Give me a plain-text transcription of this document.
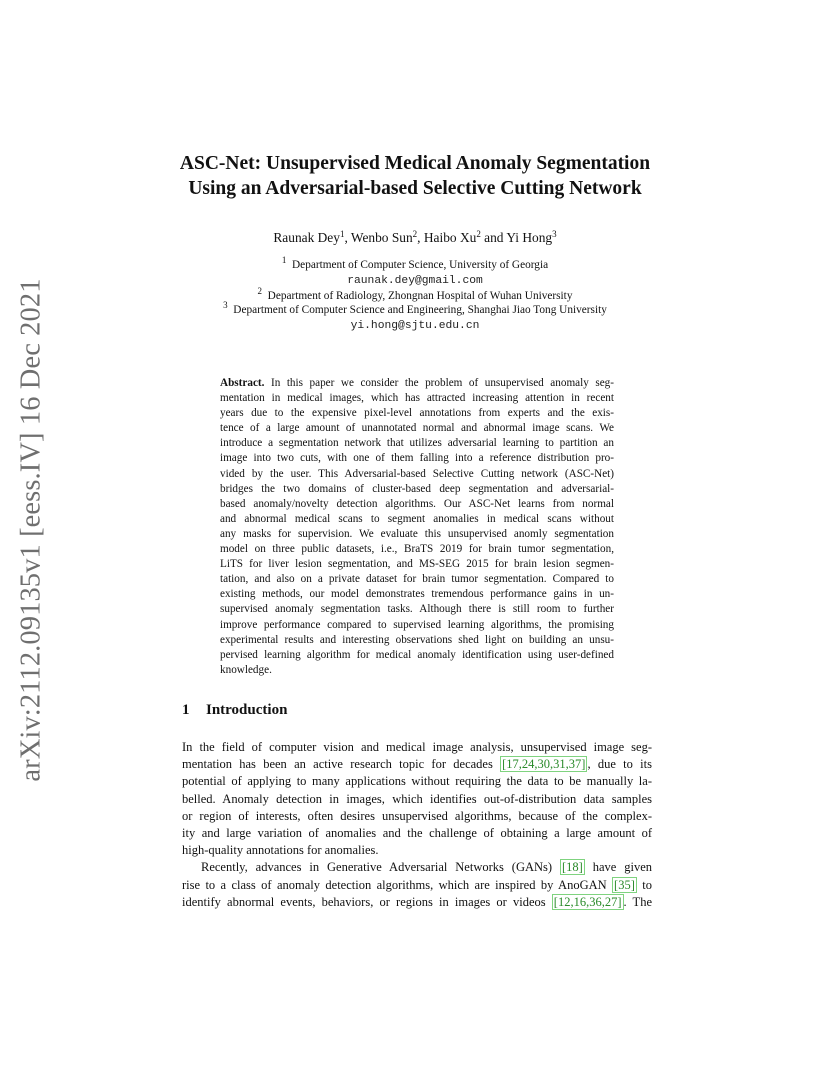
arXiv:2112.09135v1 [eess.IV] 16 Dec 2021
ASC-Net: Unsupervised Medical Anomaly Segmentation
Using an Adversarial-based Selective Cutting Network
Raunak Dey$^1$, Wenbo Sun$^2$, Haibo Xu$^2$ and Yi Hong$^3$
$^1$ Department of Computer Science, University of Georgia
raunak.dey@gmail.com
$^2$ Department of Radiology, Zhongnan Hospital of Wuhan University
$^3$ Department of Computer Science and Engineering, Shanghai Jiao Tong University
yi.hong@sjtu.edu.cn
Abstract. In this paper we consider the problem of unsupervised anomaly seg-
mentation in medical images, which has attracted increasing attention in recent
years due to the expensive pixel-level annotations from experts and the exis-
tence of a large amount of unannotated normal and abnormal image scans. We
introduce a segmentation network that utilizes adversarial learning to partition an
image into two cuts, with one of them falling into a reference distribution pro-
vided by the user. This Adversarial-based Selective Cutting network (ASC-Net)
bridges the two domains of cluster-based deep segmentation and adversarial-
based anomaly/novelty detection algorithms. Our ASC-Net learns from normal
and abnormal medical scans to segment anomalies in medical scans without
any masks for supervision. We evaluate this unsupervised anomly segmentation
model on three public datasets, i.e., BraTS 2019 for brain tumor segmentation,
LiTS for liver lesion segmentation, and MS-SEG 2015 for brain lesion segmen-
tation, and also on a private dataset for brain tumor segmentation. Compared to
existing methods, our model demonstrates tremendous performance gains in un-
supervised anomaly segmentation tasks. Although there is still room to further
improve performance compared to supervised learning algorithms, the promising
experimental results and interesting observations shed light on building an unsu-
pervised learning algorithm for medical anomaly identification using user-defined
knowledge.
1 Introduction
In the field of computer vision and medical image analysis, unsupervised image seg-
mentation has been an active research topic for decades [17,24,30,31,37] , due to its
potential of applying to many applications without requiring the data to be manually la-
belled. Anomaly detection in images, which identifies out-of-distribution data samples
or region of interests, often desires unsupervised algorithms, because of the complex-
ity and large variation of anomalies and the challenge of obtaining a large amount of
high-quality annotations for anomalies.
Recently, advances in Generative Adversarial Networks (GANs) [18] have given
rise to a class of anomaly detection algorithms, which are inspired by AnoGAN [35] to
identify abnormal events, behaviors, or regions in images or videos [12,16,36,27] . The
